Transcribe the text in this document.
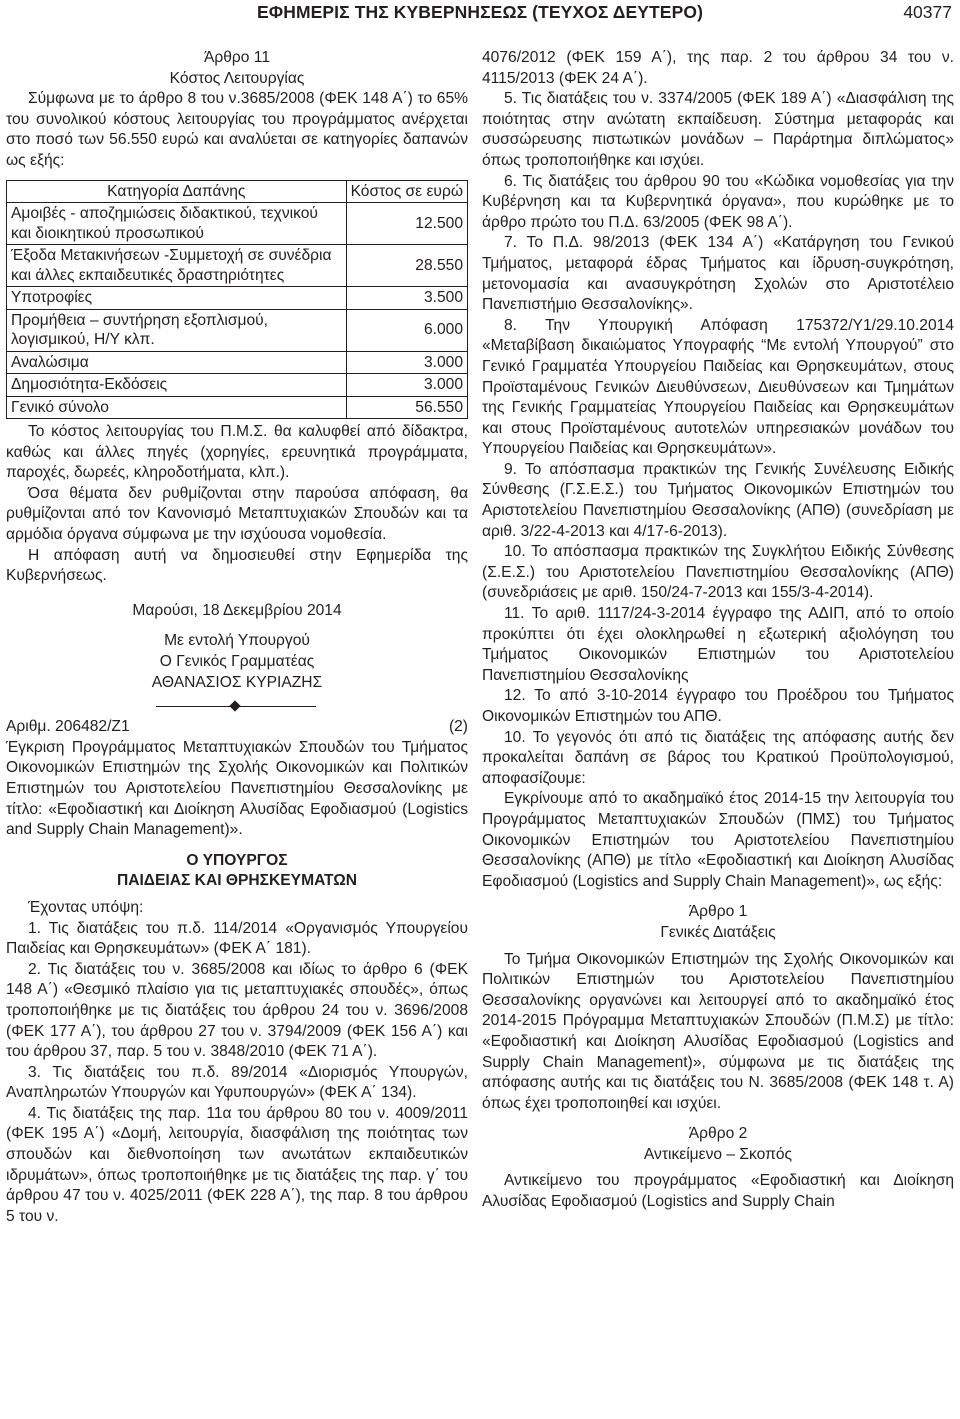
ΕΦΗΜΕΡΙΣ ΤΗΣ ΚΥΒΕΡΝΗΣΕΩΣ (ΤΕΥΧΟΣ ΔΕΥΤΕΡΟ)	40377
Άρθρο 11
Κόστος Λειτουργίας
Σύμφωνα με το άρθρο 8 του ν.3685/2008 (ΦΕΚ 148 Α΄) το 65% του συνολικού κόστους λειτουργίας του προγράμματος ανέρχεται στο ποσό των 56.550 ευρώ και αναλύεται σε κατηγορίες δαπανών ως εξής:
Κατηγορία Δαπάνης	Κόστος σε ευρώ
Αμοιβές - αποζημιώσεις διδακτικού, τεχνικού και διοικητικού προσωπικού	12.500
Έξοδα Μετακινήσεων -Συμμετοχή σε συνέδρια και άλλες εκπαιδευτικές δραστηριότητες	28.550
Υποτροφίες	3.500
Προμήθεια – συντήρηση εξοπλισμού, λογισμικού, Η/Υ κλπ.	6.000
Αναλώσιμα	3.000
Δημοσιότητα-Εκδόσεις	3.000
Γενικό σύνολο	56.550
Το κόστος λειτουργίας του Π.Μ.Σ. θα καλυφθεί από δίδακτρα, καθώς και άλλες πηγές (χορηγίες, ερευνητικά προγράμματα, παροχές, δωρεές, κληροδοτήματα, κλπ.).
Όσα θέματα δεν ρυθμίζονται στην παρούσα απόφαση, θα ρυθμίζονται από τον Κανονισμό Μεταπτυχιακών Σπουδών και τα αρμόδια όργανα σύμφωνα με την ισχύουσα νομοθεσία.
Η απόφαση αυτή να δημοσιευθεί στην Εφημερίδα της Κυβερνήσεως.
Μαρούσι, 18 Δεκεμβρίου 2014
Με εντολή Υπουργού
Ο Γενικός Γραμματέας
ΑΘΑΝΑΣΙΟΣ ΚΥΡΙΑΖΗΣ
Αριθμ. 206482/Ζ1	(2)
Έγκριση Προγράμματος Μεταπτυχιακών Σπουδών του Τμήματος Οικονομικών Επιστημών της Σχολής Οικονομικών και Πολιτικών Επιστημών του Αριστοτελείου Πανεπιστημίου Θεσσαλονίκης με τίτλο: «Εφοδιαστική και Διοίκηση Αλυσίδας Εφοδιασμού (Logistics and Supply Chain Management)».
Ο ΥΠΟΥΡΓΟΣ
ΠΑΙΔΕΙΑΣ ΚΑΙ ΘΡΗΣΚΕΥΜΑΤΩΝ
Έχοντας υπόψη:
1. Τις διατάξεις του π.δ. 114/2014 «Οργανισμός Υπουργείου Παιδείας και Θρησκευμάτων» (ΦΕΚ Α΄ 181).
2. Τις διατάξεις του ν. 3685/2008 και ιδίως το άρθρο 6 (ΦΕΚ 148 Α΄) «Θεσμικό πλαίσιο για τις μεταπτυχιακές σπουδές», όπως τροποποιήθηκε με τις διατάξεις του άρθρου 24 του ν. 3696/2008 (ΦΕΚ 177 Α΄), του άρθρου 27 του ν. 3794/2009 (ΦΕΚ 156 Α΄) και του άρθρου 37, παρ. 5 του ν. 3848/2010 (ΦΕΚ 71 Α΄).
3. Τις διατάξεις του π.δ. 89/2014 «Διορισμός Υπουργών, Αναπληρωτών Υπουργών και Υφυπουργών» (ΦΕΚ Α΄ 134).
4. Τις διατάξεις της παρ. 11α του άρθρου 80 του ν. 4009/2011 (ΦΕΚ 195 Α΄) «Δομή, λειτουργία, διασφάλιση της ποιότητας των σπουδών και διεθνοποίηση των ανωτάτων εκπαιδευτικών ιδρυμάτων», όπως τροποποιήθηκε με τις διατάξεις της παρ. γ΄ του άρθρου 47 του ν. 4025/2011 (ΦΕΚ 228 Α΄), της παρ. 8 του άρθρου 5 του ν.
4076/2012 (ΦΕΚ 159 Α΄), της παρ. 2 του άρθρου 34 του ν. 4115/2013 (ΦΕΚ 24 Α΄).
5. Τις διατάξεις του ν. 3374/2005 (ΦΕΚ 189 Α΄) «Διασφάλιση της ποιότητας στην ανώτατη εκπαίδευση. Σύστημα μεταφοράς και συσσώρευσης πιστωτικών μονάδων – Παράρτημα διπλώματος» όπως τροποποιήθηκε και ισχύει.
6. Τις διατάξεις του άρθρου 90 του «Κώδικα νομοθεσίας για την Κυβέρνηση και τα Κυβερνητικά όργανα», που κυρώθηκε με το άρθρο πρώτο του Π.Δ. 63/2005 (ΦΕΚ 98 Α΄).
7. Το Π.Δ. 98/2013 (ΦΕΚ 134 Α΄) «Κατάργηση του Γενικού Τμήματος, μεταφορά έδρας Τμήματος και ίδρυση-συγκρότηση, μετονομασία και ανασυγκρότηση Σχολών στο Αριστοτέλειο Πανεπιστήμιο Θεσσαλονίκης».
8. Την Υπουργική Απόφαση 175372/Υ1/29.10.2014 «Μεταβίβαση δικαιώματος Υπογραφής “Με εντολή Υπουργού” στο Γενικό Γραμματέα Υπουργείου Παιδείας και Θρησκευμάτων, στους Προϊσταμένους Γενικών Διευθύνσεων, Διευθύνσεων και Τμημάτων της Γενικής Γραμματείας Υπουργείου Παιδείας και Θρησκευμάτων και στους Προϊσταμένους αυτοτελών υπηρεσιακών μονάδων του Υπουργείου Παιδείας και Θρησκευμάτων».
9. Το απόσπασμα πρακτικών της Γενικής Συνέλευσης Ειδικής Σύνθεσης (Γ.Σ.Ε.Σ.) του Τμήματος Οικονομικών Επιστημών του Αριστοτελείου Πανεπιστημίου Θεσσαλονίκης (ΑΠΘ) (συνεδρίαση με αριθ. 3/22-4-2013 και 4/17-6-2013).
10. Το απόσπασμα πρακτικών της Συγκλήτου Ειδικής Σύνθεσης (Σ.Ε.Σ.) του Αριστοτελείου Πανεπιστημίου Θεσσαλονίκης (ΑΠΘ) (συνεδριάσεις με αριθ. 150/24-7-2013 και 155/3-4-2014).
11. Το αριθ. 1117/24-3-2014 έγγραφο της ΑΔΙΠ, από το οποίο προκύπτει ότι έχει ολοκληρωθεί η εξωτερική αξιολόγηση του Τμήματος Οικονομικών Επιστημών του Αριστοτελείου Πανεπιστημίου Θεσσαλονίκης
12. Το από 3-10-2014 έγγραφο του Προέδρου του Τμήματος Οικονομικών Επιστημών του ΑΠΘ.
10. Το γεγονός ότι από τις διατάξεις της απόφασης αυτής δεν προκαλείται δαπάνη σε βάρος του Κρατικού Προϋπολογισμού, αποφασίζουμε:
Εγκρίνουμε από το ακαδημαϊκό έτος 2014-15 την λειτουργία του Προγράμματος Μεταπτυχιακών Σπουδών (ΠΜΣ) του Τμήματος Οικονομικών Επιστημών του Αριστοτελείου Πανεπιστημίου Θεσσαλονίκης (ΑΠΘ) με τίτλο «Εφοδιαστική και Διοίκηση Αλυσίδας Εφοδιασμού (Logistics and Supply Chain Management)», ως εξής:
Άρθρο 1
Γενικές Διατάξεις
Το Τμήμα Οικονομικών Επιστημών της Σχολής Οικονομικών και Πολιτικών Επιστημών του Αριστοτελείου Πανεπιστημίου Θεσσαλονίκης οργανώνει και λειτουργεί από το ακαδημαϊκό έτος 2014-2015 Πρόγραμμα Μεταπτυχιακών Σπουδών (Π.Μ.Σ) με τίτλο: «Εφοδιαστική και Διοίκηση Αλυσίδας Εφοδιασμού (Logistics and Supply Chain Management)», σύμφωνα με τις διατάξεις της απόφασης αυτής και τις διατάξεις του Ν. 3685/2008 (ΦΕΚ 148 τ. Α) όπως έχει τροποποιηθεί και ισχύει.
Άρθρο 2
Αντικείμενο – Σκοπός
Αντικείμενο του προγράμματος «Εφοδιαστική και Διοίκηση Αλυσίδας Εφοδιασμού (Logistics and Supply Chain
